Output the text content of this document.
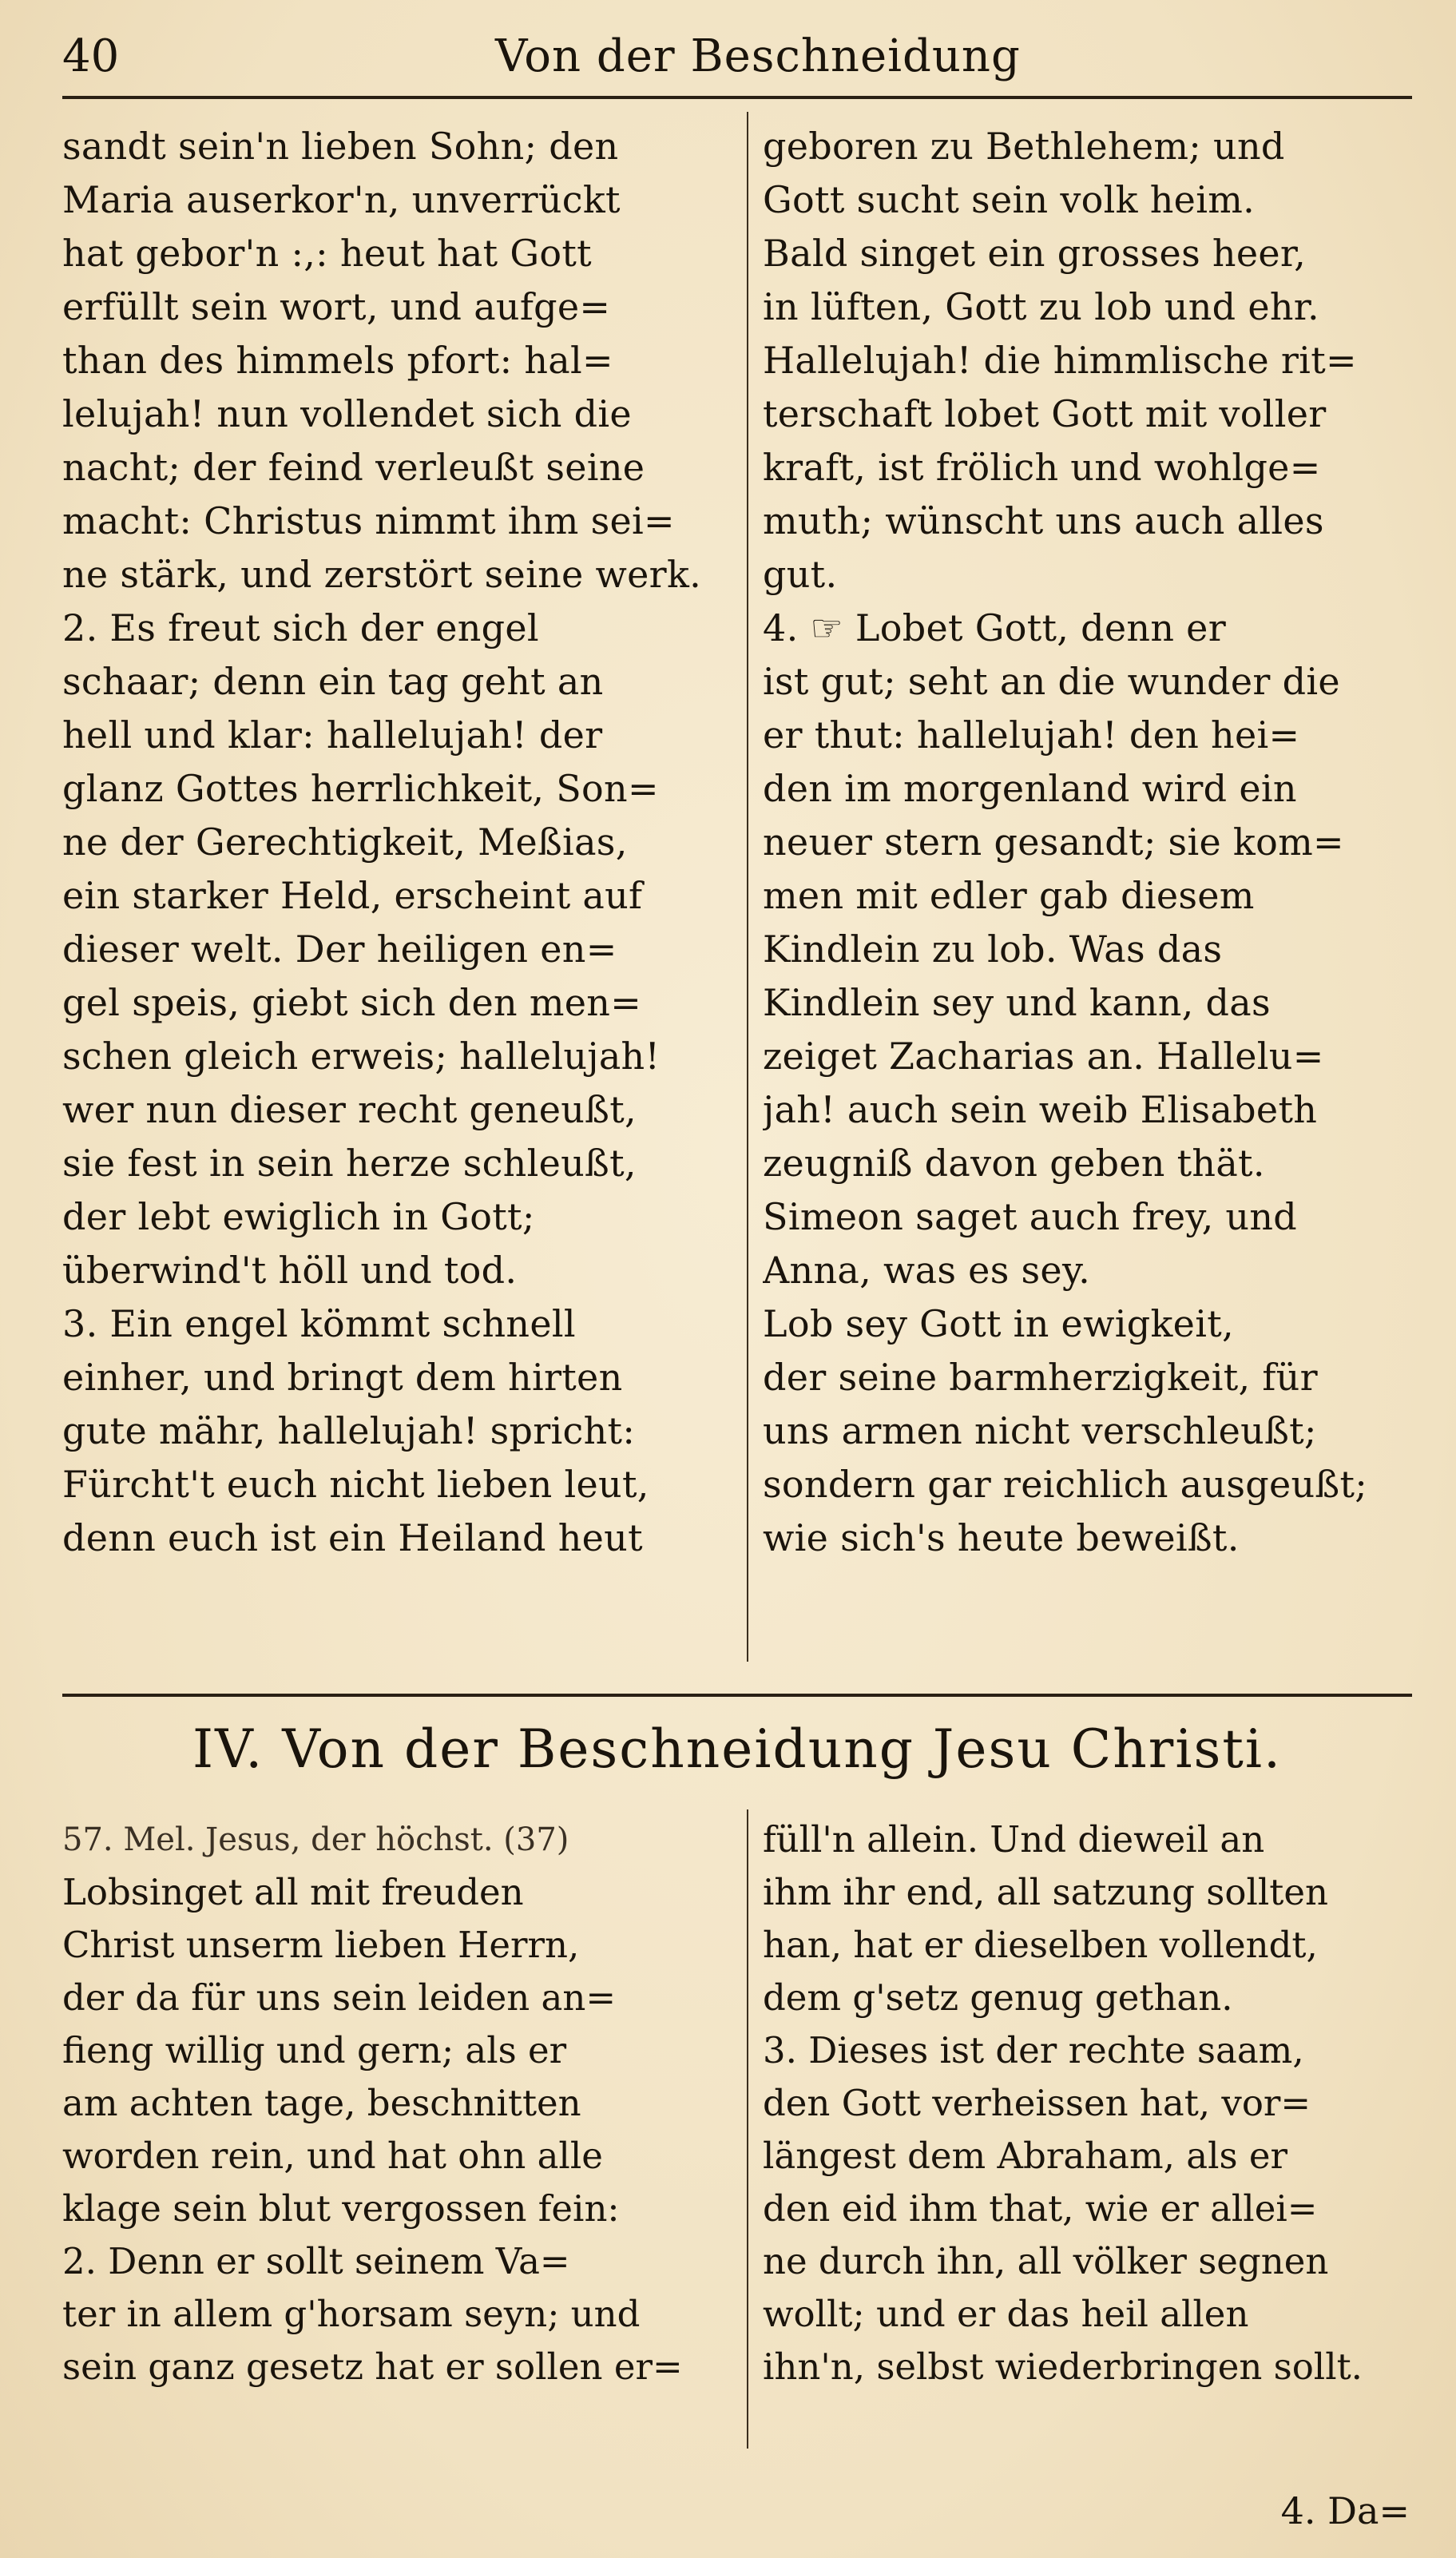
40	Von der Beschneidung
sandt sein'n lieben Sohn; den
Maria auserkor'n, unverrückt
hat gebor'n :,: heut hat Gott
erfüllt sein wort, und aufge=
than des himmels pfort: hal=
lelujah! nun vollendet sich die
nacht; der feind verleußt seine
macht: Christus nimmt ihm sei=
ne stärk, und zerstört seine werk.
2. Es freut sich der engel
schaar; denn ein tag geht an
hell und klar: hallelujah! der
glanz Gottes herrlichkeit, Son=
ne der Gerechtigkeit, Meßias,
ein starker Held, erscheint auf
dieser welt. Der heiligen en=
gel speis, giebt sich den men=
schen gleich erweis; hallelujah!
wer nun dieser recht geneußt,
sie fest in sein herze schleußt,
der lebt ewiglich in Gott;
überwind't höll und tod.
3. Ein engel kömmt schnell
einher, und bringt dem hirten
gute mähr, hallelujah! spricht:
Fürcht't euch nicht lieben leut,
denn euch ist ein Heiland heut
geboren zu Bethlehem; und
Gott sucht sein volk heim.
Bald singet ein grosses heer,
in lüften, Gott zu lob und ehr.
Hallelujah! die himmlische rit=
terschaft lobet Gott mit voller
kraft, ist frölich und wohlge=
muth; wünscht uns auch alles
gut.
4. ☞ Lobet Gott, denn er
ist gut; seht an die wunder die
er thut: hallelujah! den hei=
den im morgenland wird ein
neuer stern gesandt; sie kom=
men mit edler gab diesem
Kindlein zu lob. Was das
Kindlein sey und kann, das
zeiget Zacharias an. Hallelu=
jah! auch sein weib Elisabeth
zeugniß davon geben thät.
Simeon saget auch frey, und
Anna, was es sey.
Lob sey Gott in ewigkeit,
der seine barmherzigkeit, für
uns armen nicht verschleußt;
sondern gar reichlich ausgeußt;
wie sich's heute beweißt.
IV. Von der Beschneidung Jesu Christi.
57. Mel. Jesus, der höchst. (37)
Lobsinget all mit freuden
Christ unserm lieben Herrn,
der da für uns sein leiden an=
fieng willig und gern; als er
am achten tage, beschnitten
worden rein, und hat ohn alle
klage sein blut vergossen fein:
2. Denn er sollt seinem Va=
ter in allem g'horsam seyn; und
sein ganz gesetz hat er sollen er=
füll'n allein. Und dieweil an
ihm ihr end, all satzung sollten
han, hat er dieselben vollendt,
dem g'setz genug gethan.
3. Dieses ist der rechte saam,
den Gott verheissen hat, vor=
längest dem Abraham, als er
den eid ihm that, wie er allei=
ne durch ihn, all völker segnen
wollt; und er das heil allen
ihn'n, selbst wiederbringen sollt.
4. Da=
